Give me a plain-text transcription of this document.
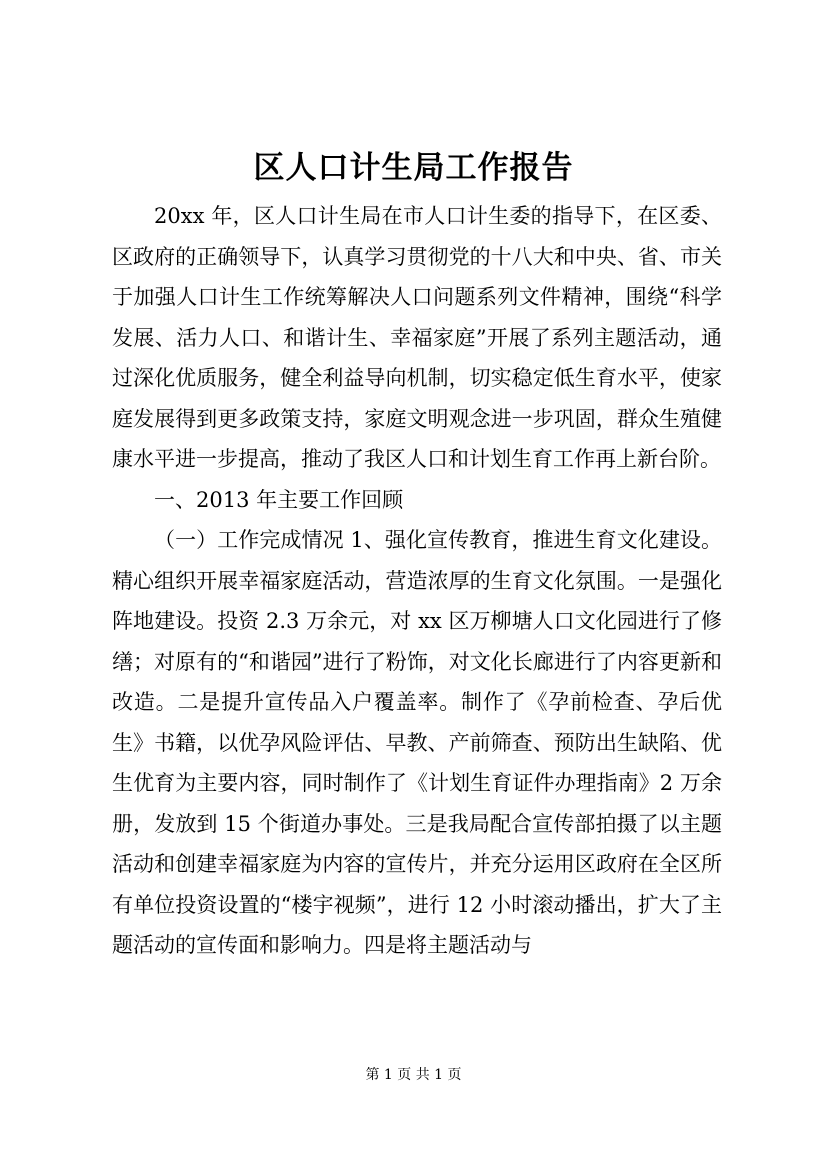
区人口计生局工作报告

20xx 年，区人口计生局在市人口计生委的指导下，在区委、区政府的正确领导下，认真学习贯彻党的十八大和中央、省、市关于加强人口计生工作统筹解决人口问题系列文件精神，围绕“科学发展、活力人口、和谐计生、幸福家庭”开展了系列主题活动，通过深化优质服务，健全利益导向机制，切实稳定低生育水平，使家庭发展得到更多政策支持，家庭文明观念进一步巩固，群众生殖健康水平进一步提高，推动了我区人口和计划生育工作再上新台阶。

一、2013 年主要工作回顾

（一）工作完成情况 1、强化宣传教育，推进生育文化建设。精心组织开展幸福家庭活动，营造浓厚的生育文化氛围。一是强化阵地建设。投资 2.3 万余元，对 xx 区万柳塘人口文化园进行了修缮；对原有的“和谐园”进行了粉饰，对文化长廊进行了内容更新和改造。二是提升宣传品入户覆盖率。制作了《孕前检查、孕后优生》书籍，以优孕风险评估、早教、产前筛查、预防出生缺陷、优生优育为主要内容，同时制作了《计划生育证件办理指南》2 万余册，发放到 15 个街道办事处。三是我局配合宣传部拍摄了以主题活动和创建幸福家庭为内容的宣传片，并充分运用区政府在全区所有单位投资设置的“楼宇视频”，进行 12 小时滚动播出，扩大了主题活动的宣传面和影响力。四是将主题活动与

第 1 页 共 1 页
